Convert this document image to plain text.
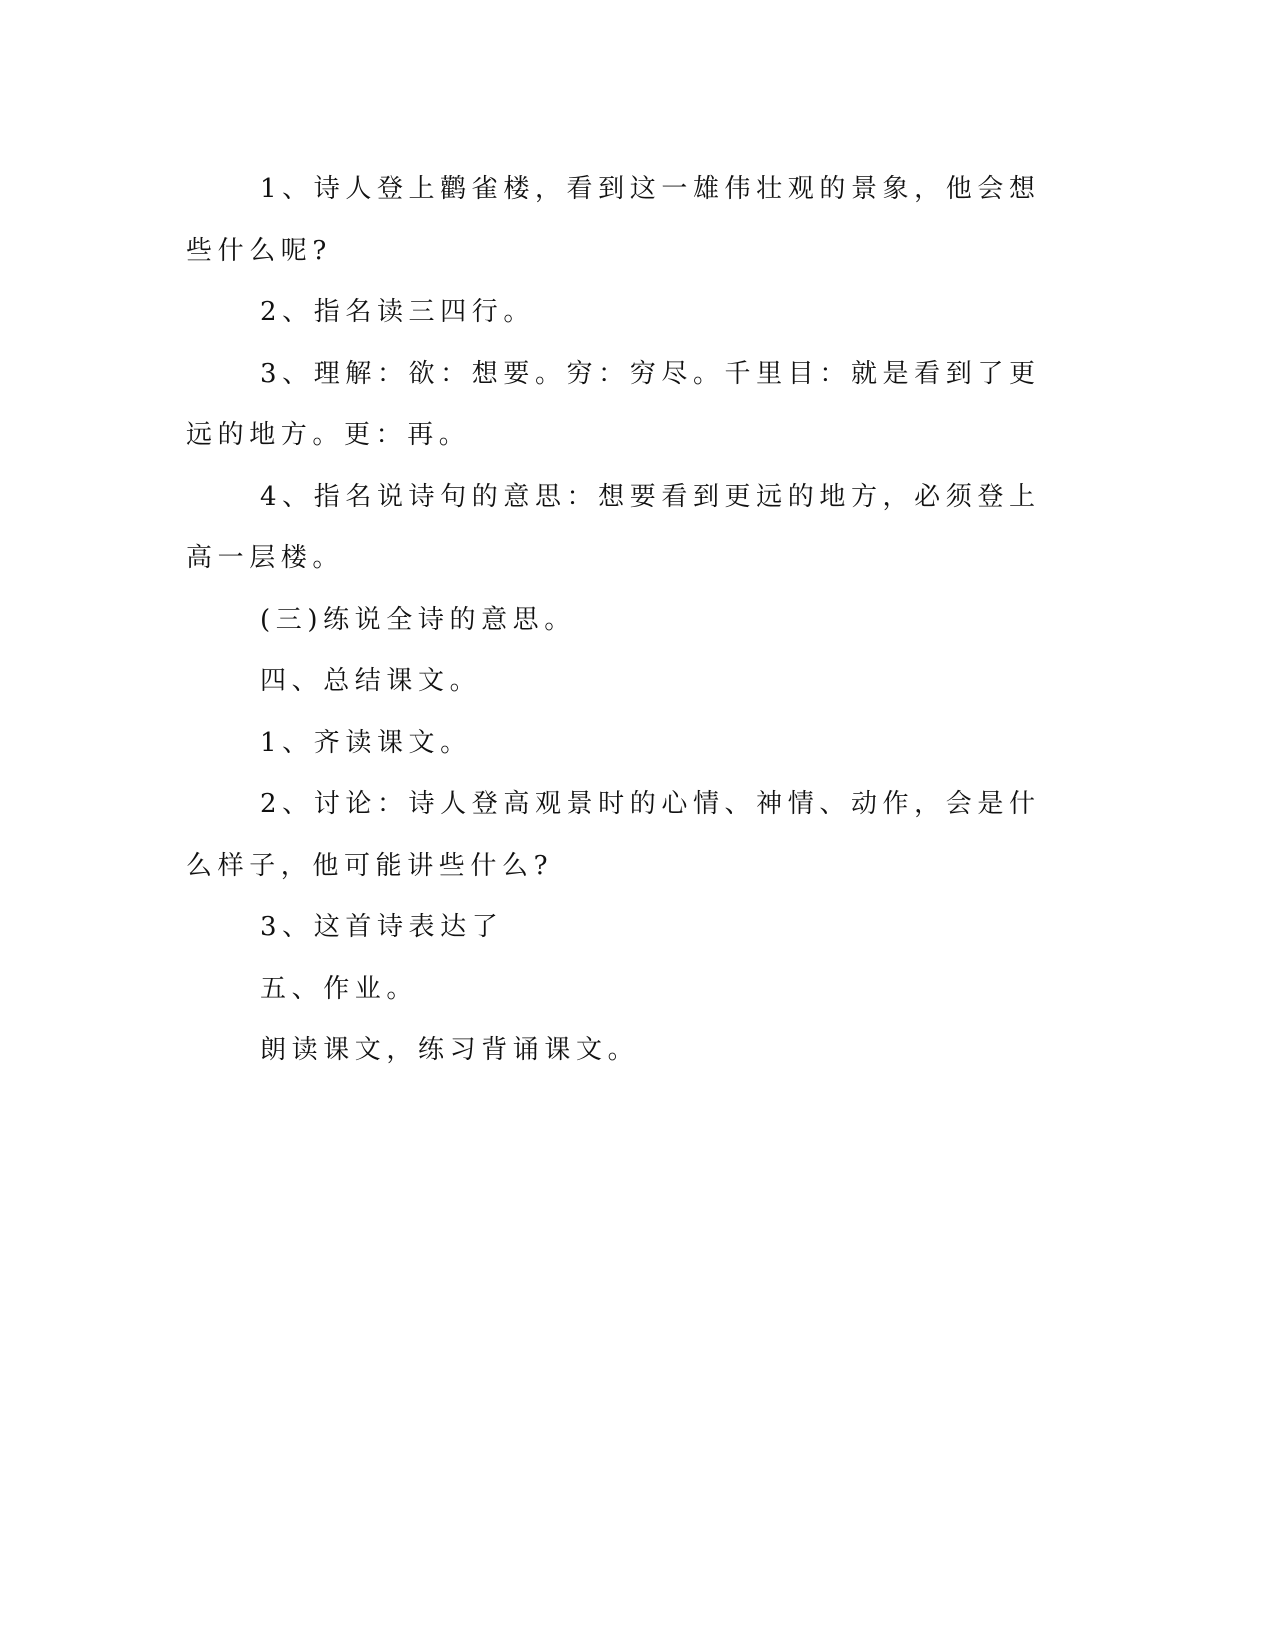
1、诗人登上鹳雀楼，看到这一雄伟壮观的景象，他会想些什么呢?

2、指名读三四行。

3、理解：欲：想要。穷：穷尽。千里目：就是看到了更远的地方。更：再。

4、指名说诗句的意思：想要看到更远的地方，必须登上高一层楼。

(三)练说全诗的意思。

四、总结课文。

1、齐读课文。

2、讨论：诗人登高观景时的心情、神情、动作，会是什么样子，他可能讲些什么?

3、这首诗表达了

五、作业。

朗读课文，练习背诵课文。
